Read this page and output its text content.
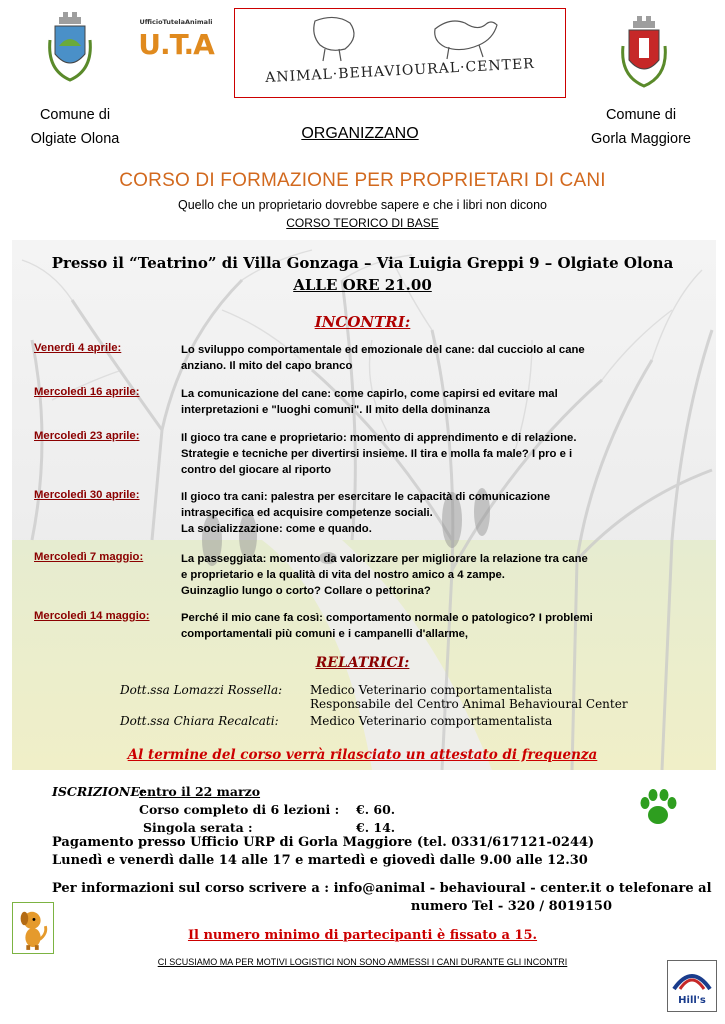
UfficioTutelaAnimali
U.T.A
ANIMAL·BEHAVIOURAL·CENTER
Comune di
Olgiate Olona	ORGANIZZANO
Comune di
Gorla Maggiore
CORSO DI FORMAZIONE PER PROPRIETARI DI CANI
Quello che un proprietario dovrebbe sapere e che i libri non dicono
CORSO TEORICO DI BASE
Presso il “Teatrino” di Villa Gonzaga – Via Luigia Greppi 9 – Olgiate Olona
ALLE ORE 21.00
INCONTRI:
Venerdì 4 aprile:	Lo sviluppo comportamentale ed emozionale del cane: dal cucciolo al cane
anziano. Il mito del capo branco
Mercoledì 16 aprile:	La comunicazione del cane: come capirlo, come capirsi ed evitare mal
interpretazioni e "luoghi comuni". Il mito della dominanza
Mercoledì 23 aprile:	Il gioco tra cane e proprietario: momento di apprendimento e di relazione.
Strategie e tecniche per divertirsi insieme. Il tira e molla fa male? I pro e i
contro del giocare al riporto
Mercoledì 30 aprile:	Il gioco tra cani: palestra per esercitare le capacità di comunicazione
intraspecifica ed acquisire competenze sociali.
La socializzazione: come e quando.
Mercoledì 7 maggio:	La passeggiata: momento da valorizzare per migliorare la relazione tra cane
e proprietario e la qualità di vita del nostro amico a 4 zampe.
Guinzaglio lungo o corto? Collare o pettorina?
Mercoledì 14 maggio:	Perché il mio cane fa così: comportamento normale o patologico? I problemi
comportamentali più comuni e i campanelli d'allarme,
RELATRICI:
Dott.ssa Lomazzi Rossella:	Medico Veterinario comportamentalista
Responsabile del Centro Animal Behavioural Center
Dott.ssa Chiara Recalcati:	Medico Veterinario comportamentalista
Al termine del corso verrà rilasciato un attestato di frequenza
ISCRIZIONE:
entro il 22 marzo
Corso completo di 6 lezioni : €. 60.
Singola serata :	€. 14.
Pagamento presso Ufficio URP di Gorla Maggiore (tel. 0331/617121-0244)
Lunedì e venerdì dalle 14 alle 17 e martedì e giovedì dalle 9.00 alle 12.30
Per informazioni sul corso scrivere a : info@animal - behavioural - center.it o telefonare al
numero Tel - 320 / 8019150
Il numero minimo di partecipanti è fissato a 15.
CI SCUSIAMO MA PER MOTIVI LOGISTICI NON SONO AMMESSI I CANI DURANTE GLI INCONTRI
Hill's
